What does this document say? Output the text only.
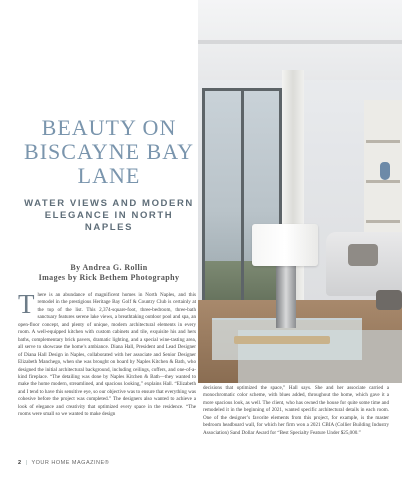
BEAUTY ON BISCAYNE BAY LANE
WATER VIEWS AND MODERN ELEGANCE IN NORTH NAPLES
By Andrea G. Rollin
Images by Rick Bethem Photography

There is an abundance of magnificent homes in North Naples, and this remodel in the prestigious Heritage Bay Golf & Country Club is certainly at the top of the list. This 2,374-square-foot, three-bedroom, three-bath sanctuary features serene lake views, a breathtaking outdoor pool and spa, an open-floor concept, and plenty of unique, modern architectural elements in every room. A well-equipped kitchen with custom cabinets and tile, exquisite his and hers baths, complementary brick pavers, dramatic lighting, and a special wine-tasting area, all serve to showcase the home’s ambiance. Diana Hall, President and Lead Designer of Diana Hall Design in Naples, collaborated with her associate and Senior Designer Elizabeth Manchego, when she was brought on board by Naples Kitchen & Bath, who designed the initial architectural background, including ceilings, coffers, and one-of-a-kind fireplace. “The detailing was done by Naples Kitchen & Bath—they wanted to make the home modern, streamlined, and spacious looking,” explains Hall. “Elizabeth and I tend to have this sensitive eye, so our objective was to ensure that everything was cohesive before the project was completed.” The designers also wanted to achieve a look of elegance and creativity that optimized every space in the residence. “The rooms were small so we wanted to make design

decisions that optimized the space,” Hall says. She and her associate carried a monochromatic color scheme, with blues added, throughout the home, which gave it a more spacious look, as well. The client, who has owned the house for quite some time and remodeled it in the beginning of 2021, wanted specific architectural details in each room. One of the designer’s favorite elements from this project, for example, is the master bedroom headboard wall, for which her firm won a 2021 CBIA (Collier Building Industry Association) Sand Dollar Award for “Best Specialty Feature Under $25,000.”

2 | YOUR HOME MAGAZINE®
